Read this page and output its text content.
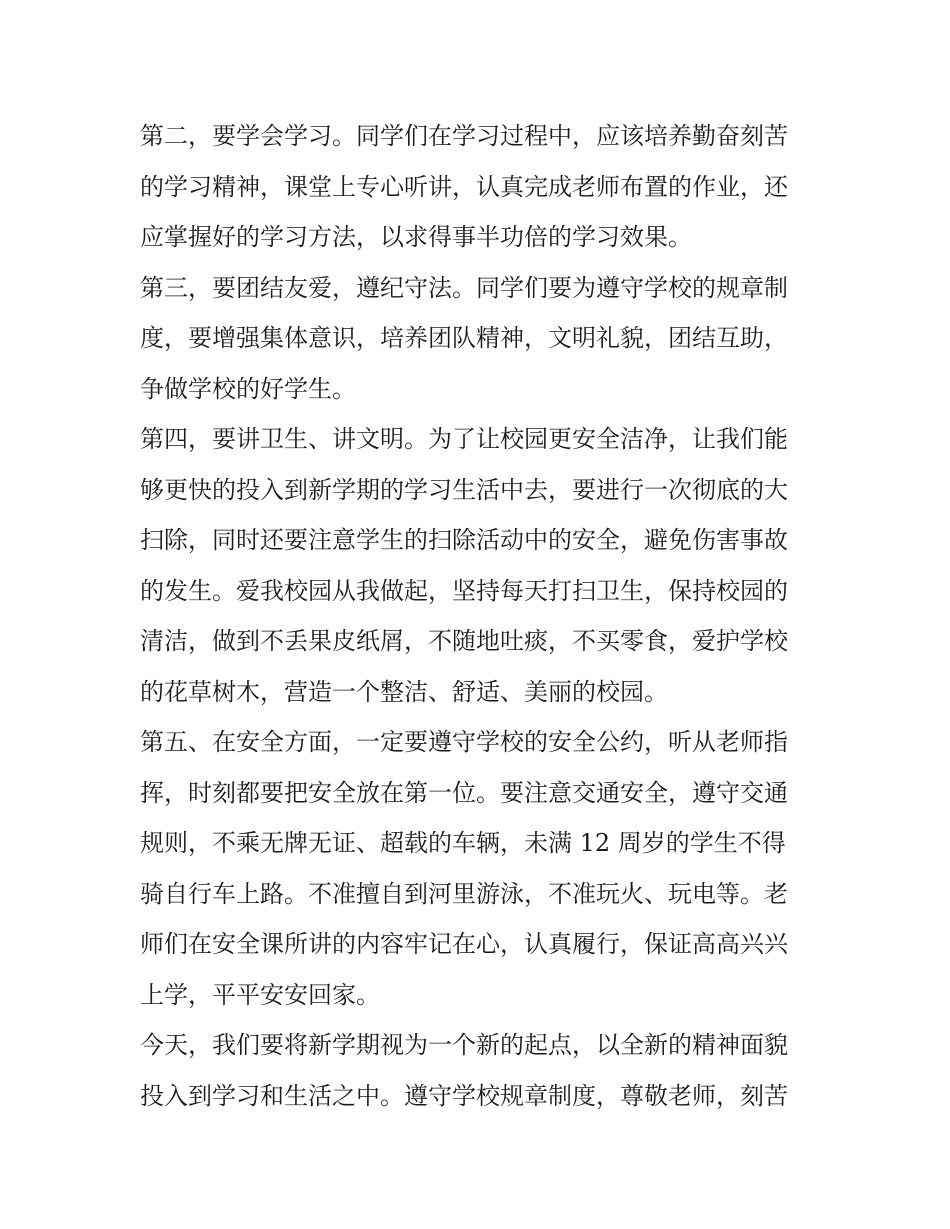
第二，要学会学习。同学们在学习过程中，应该培养勤奋刻苦

的学习精神，课堂上专心听讲，认真完成老师布置的作业，还

应掌握好的学习方法，以求得事半功倍的学习效果。

第三，要团结友爱，遵纪守法。同学们要为遵守学校的规章制

度，要增强集体意识，培养团队精神，文明礼貌，团结互助，

争做学校的好学生。

第四，要讲卫生、讲文明。为了让校园更安全洁净，让我们能

够更快的投入到新学期的学习生活中去，要进行一次彻底的大

扫除，同时还要注意学生的扫除活动中的安全，避免伤害事故

的发生。爱我校园从我做起，坚持每天打扫卫生，保持校园的

清洁，做到不丢果皮纸屑，不随地吐痰，不买零食，爱护学校

的花草树木，营造一个整洁、舒适、美丽的校园。

第五、在安全方面，一定要遵守学校的安全公约，听从老师指

挥，时刻都要把安全放在第一位。要注意交通安全，遵守交通

规则，不乘无牌无证、超载的车辆，未满 12 周岁的学生不得

骑自行车上路。不准擅自到河里游泳，不准玩火、玩电等。老

师们在安全课所讲的内容牢记在心，认真履行，保证高高兴兴

上学，平平安安回家。

今天，我们要将新学期视为一个新的起点，以全新的精神面貌

投入到学习和生活之中。遵守学校规章制度，尊敬老师，刻苦
